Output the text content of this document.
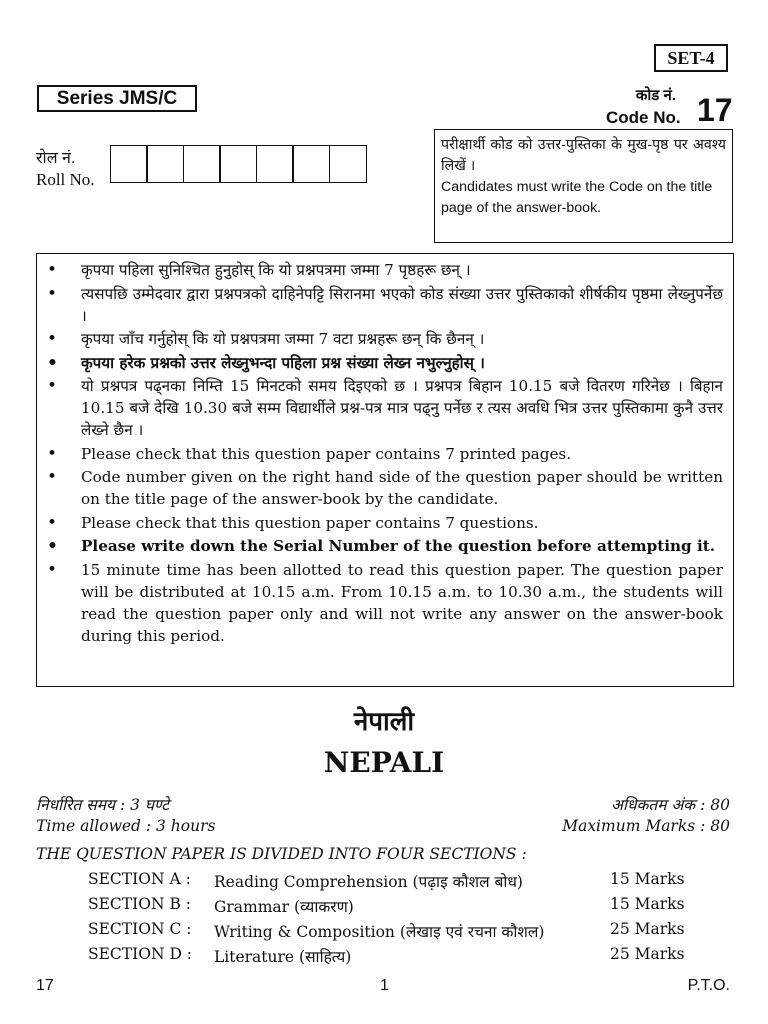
SET-4
Series JMS/C	कोड नं.
Code No. 17
रोल नं.
Roll No.
परीक्षार्थी कोड को उत्तर-पुस्तिका के मुख-पृष्ठ पर अवश्य लिखें ।
Candidates must write the Code on the title page of the answer-book.
• कृपया पहिला सुनिश्चित हुनुहोस् कि यो प्रश्नपत्रमा जम्मा 7 पृष्ठहरू छन् ।
• त्यसपछि उम्मेदवार द्वारा प्रश्नपत्रको दाहिनेपट्टि सिरानमा भएको कोड संख्या उत्तर पुस्तिकाको शीर्षकीय पृष्ठमा लेख्नुपर्नेछ ।
• कृपया जाँच गर्नुहोस् कि यो प्रश्नपत्रमा जम्मा 7 वटा प्रश्नहरू छन् कि छैनन् ।
• कृपया हरेक प्रश्नको उत्तर लेख्नुभन्दा पहिला प्रश्न संख्या लेख्न नभुल्नुहोस् ।
• यो प्रश्नपत्र पढ्नका निम्ति 15 मिनटको समय दिइएको छ । प्रश्नपत्र बिहान 10.15 बजे वितरण गरिनेछ । बिहान 10.15 बजे देखि 10.30 बजे सम्म विद्यार्थीले प्रश्न-पत्र मात्र पढ्नु पर्नेछ र त्यस अवधि भित्र उत्तर पुस्तिकामा कुनै उत्तर लेख्ने छैन ।
• Please check that this question paper contains 7 printed pages.
• Code number given on the right hand side of the question paper should be written on the title page of the answer-book by the candidate.
• Please check that this question paper contains 7 questions.
• Please write down the Serial Number of the question before attempting it.
• 15 minute time has been allotted to read this question paper. The question paper will be distributed at 10.15 a.m. From 10.15 a.m. to 10.30 a.m., the students will read the question paper only and will not write any answer on the answer-book during this period.
नेपाली
NEPALI
निर्धारित समय : 3 घण्टे
Time allowed : 3 hours
अधिकतम अंक : 80
Maximum Marks : 80
THE QUESTION PAPER IS DIVIDED INTO FOUR SECTIONS :
SECTION A :	Reading Comprehension (पढ़ाइ कौशल बोध)	15 Marks
SECTION B :	Grammar (व्याकरण)	15 Marks
SECTION C :	Writing & Composition (लेखाइ एवं रचना कौशल)	25 Marks
SECTION D :	Literature (साहित्य)	25 Marks
17	1	P.T.O.
